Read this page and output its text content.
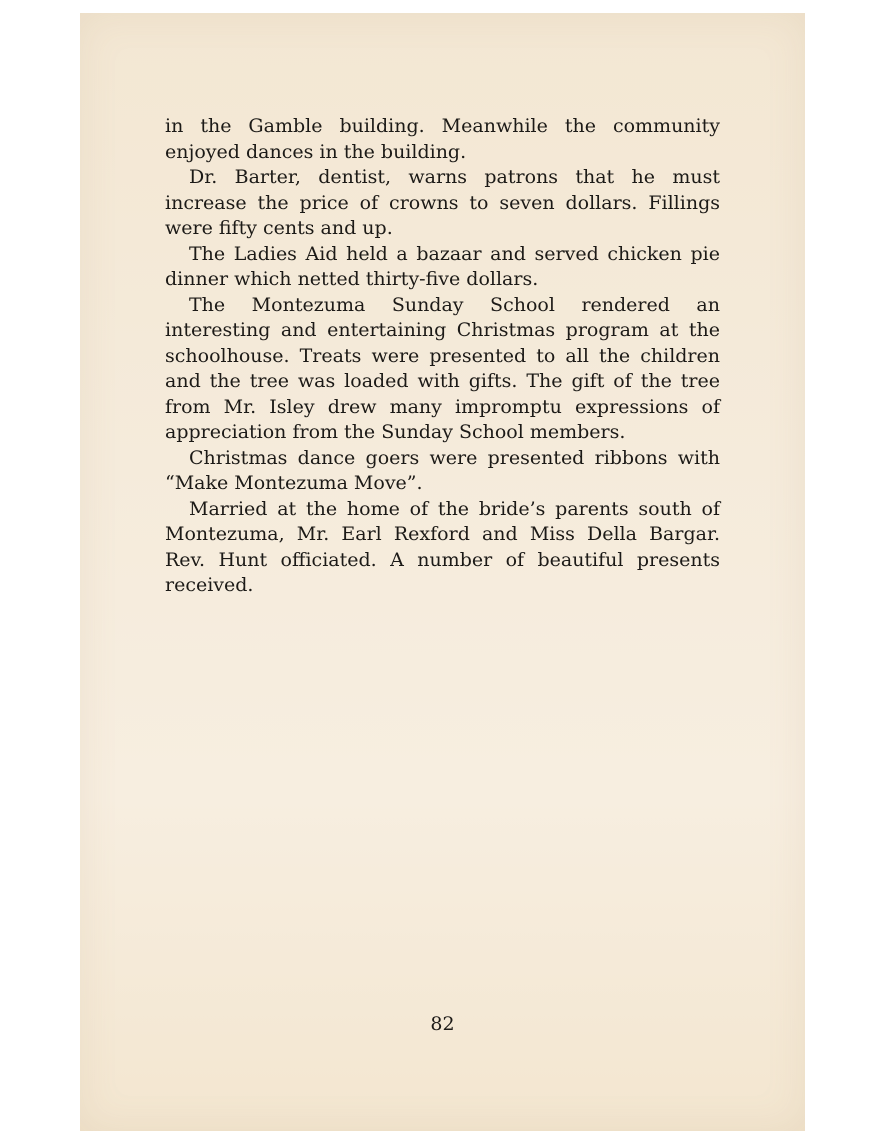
in the Gamble building. Meanwhile the community enjoyed dances in the building.

Dr. Barter, dentist, warns patrons that he must increase the price of crowns to seven dollars. Fillings were fifty cents and up.

The Ladies Aid held a bazaar and served chicken pie dinner which netted thirty-five dollars.

The Montezuma Sunday School rendered an interesting and entertaining Christmas program at the schoolhouse. Treats were presented to all the children and the tree was loaded with gifts. The gift of the tree from Mr. Isley drew many impromptu expressions of appreciation from the Sunday School members.

Christmas dance goers were presented ribbons with “Make Montezuma Move”.

Married at the home of the bride’s parents south of Montezuma, Mr. Earl Rexford and Miss Della Bargar. Rev. Hunt officiated. A number of beautiful presents received.

82
